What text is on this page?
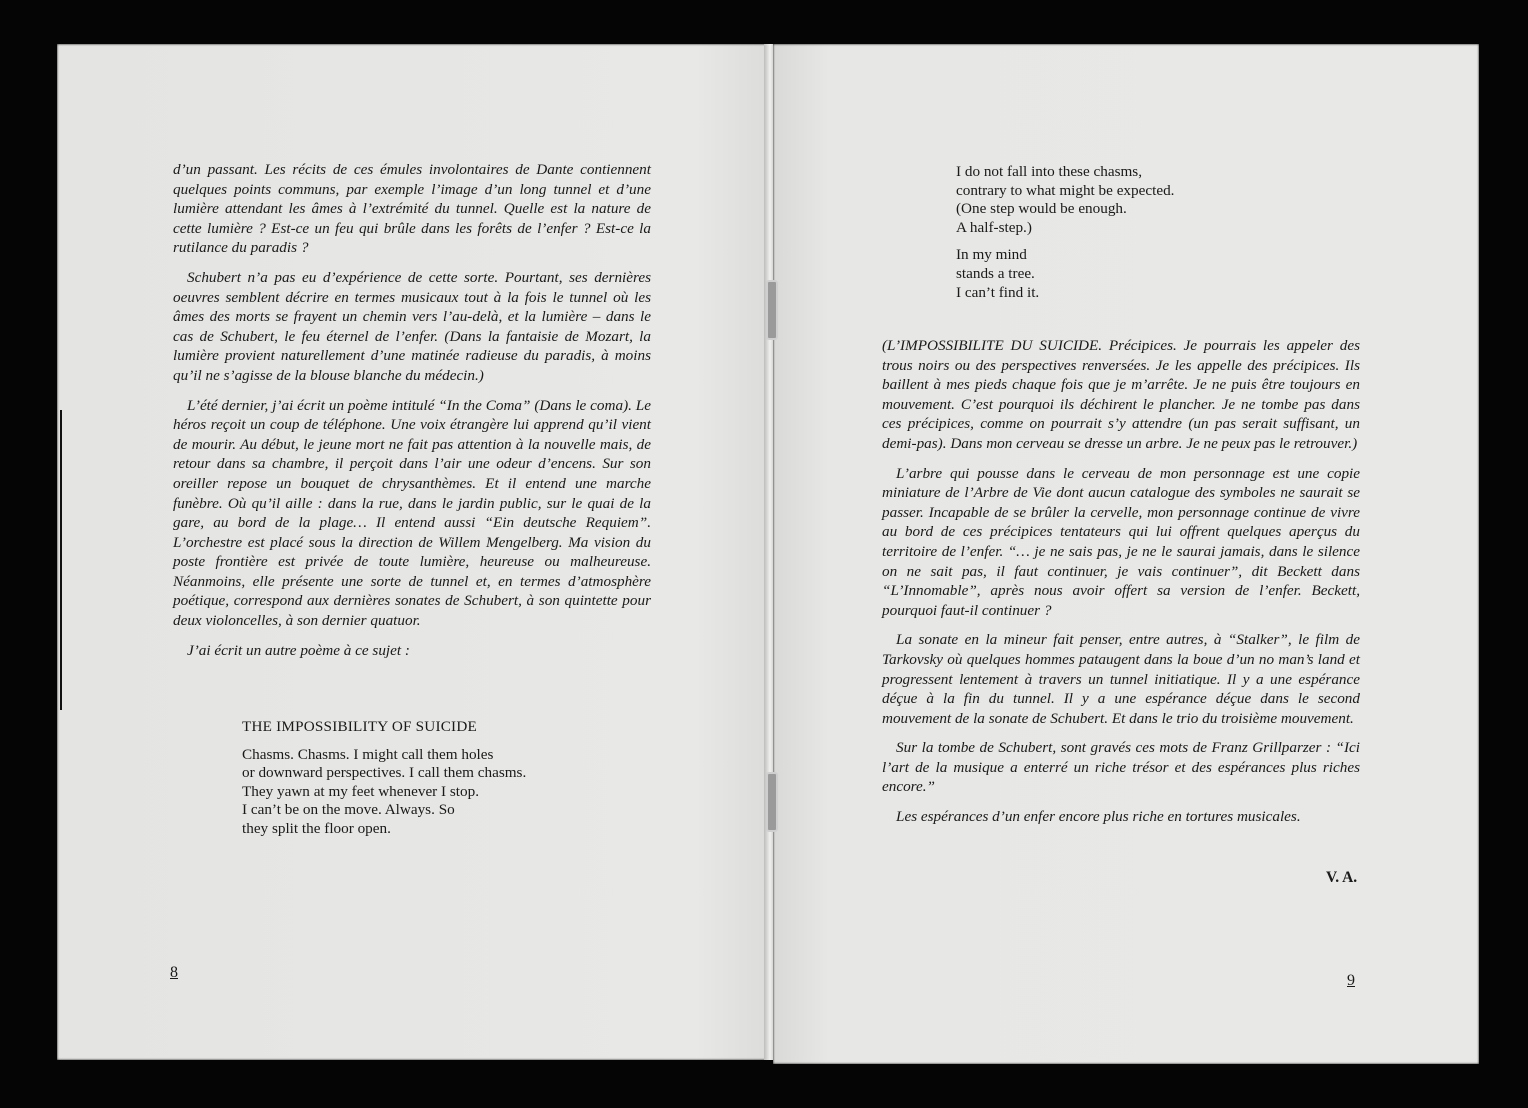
d’un passant. Les récits de ces émules involontaires de Dante contiennent quelques points communs, par exemple l’image d’un long tunnel et d’une lumière attendant les âmes à l’extrémité du tunnel. Quelle est la nature de cette lumière ? Est-ce un feu qui brûle dans les forêts de l’enfer ? Est-ce la rutilance du paradis ?

Schubert n’a pas eu d’expérience de cette sorte. Pourtant, ses dernières oeuvres semblent décrire en termes musicaux tout à la fois le tunnel où les âmes des morts se frayent un chemin vers l’au-delà, et la lumière – dans le cas de Schubert, le feu éternel de l’enfer. (Dans la fantaisie de Mozart, la lumière provient naturellement d’une matinée radieuse du paradis, à moins qu’il ne s’agisse de la blouse blanche du médecin.)

L’été dernier, j’ai écrit un poème intitulé “In the Coma” (Dans le coma). Le héros reçoit un coup de téléphone. Une voix étrangère lui apprend qu’il vient de mourir. Au début, le jeune mort ne fait pas attention à la nouvelle mais, de retour dans sa chambre, il perçoit dans l’air une odeur d’encens. Sur son oreiller repose un bouquet de chrysanthèmes. Et il entend une marche funèbre. Où qu’il aille : dans la rue, dans le jardin public, sur le quai de la gare, au bord de la plage… Il entend aussi “Ein deutsche Requiem”. L’orchestre est placé sous la direction de Willem Mengelberg. Ma vision du poste frontière est privée de toute lumière, heureuse ou malheureuse. Néanmoins, elle présente une sorte de tunnel et, en termes d’atmosphère poétique, correspond aux dernières sonates de Schubert, à son quintette pour deux violoncelles, à son dernier quatuor.

J’ai écrit un autre poème à ce sujet :

THE IMPOSSIBILITY OF SUICIDE
Chasms. Chasms. I might call them holes
or downward perspectives. I call them chasms.
They yawn at my feet whenever I stop.
I can’t be on the move. Always. So
they split the floor open.
8
I do not fall into these chasms,
contrary to what might be expected.
(One step would be enough.
A half-step.)
In my mind
stands a tree.
I can’t find it.

(L’IMPOSSIBILITE DU SUICIDE. Précipices. Je pourrais les appeler des trous noirs ou des perspectives renversées. Je les appelle des précipices. Ils baillent à mes pieds chaque fois que je m’arrête. Je ne puis être toujours en mouvement. C’est pourquoi ils déchirent le plancher. Je ne tombe pas dans ces précipices, comme on pourrait s’y attendre (un pas serait suffisant, un demi-pas). Dans mon cerveau se dresse un arbre. Je ne peux pas le retrouver.)

L’arbre qui pousse dans le cerveau de mon personnage est une copie miniature de l’Arbre de Vie dont aucun catalogue des symboles ne saurait se passer. Incapable de se brûler la cervelle, mon personnage continue de vivre au bord de ces précipices tentateurs qui lui offrent quelques aperçus du territoire de l’enfer. “… je ne sais pas, je ne le saurai jamais, dans le silence on ne sait pas, il faut continuer, je vais continuer”, dit Beckett dans “L’Innomable”, après nous avoir offert sa version de l’enfer. Beckett, pourquoi faut-il continuer ?

La sonate en la mineur fait penser, entre autres, à “Stalker”, le film de Tarkovsky où quelques hommes pataugent dans la boue d’un no man’s land et progressent lentement à travers un tunnel initiatique. Il y a une espérance déçue à la fin du tunnel. Il y a une espérance déçue dans le second mouvement de la sonate de Schubert. Et dans le trio du troisième mouvement.

Sur la tombe de Schubert, sont gravés ces mots de Franz Grillparzer : “Ici l’art de la musique a enterré un riche trésor et des espérances plus riches encore.”

Les espérances d’un enfer encore plus riche en tortures musicales.

V. A.
9
